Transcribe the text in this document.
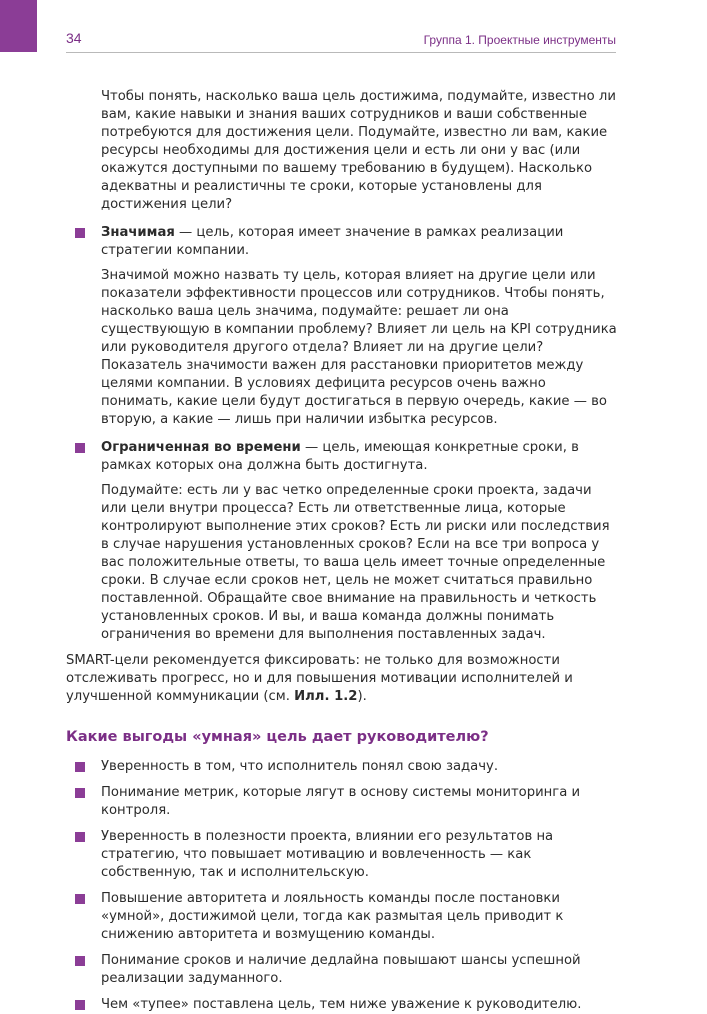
34	Группа 1. Проектные инструменты

Чтобы понять, насколько ваша цель достижима, подумайте, известно ли вам, какие навыки и знания ваших сотрудников и ваши собственные потребуются для достижения цели. Подумайте, известно ли вам, какие ресурсы необходимы для достижения цели и есть ли они у вас (или окажутся доступными по вашему требованию в будущем). Насколько адекватны и реалистичны те сроки, которые установлены для достижения цели?

Значимая — цель, которая имеет значение в рамках реализации стратегии компании.

Значимой можно назвать ту цель, которая влияет на другие цели или показатели эффективности процессов или сотрудников. Чтобы понять, насколько ваша цель значима, подумайте: решает ли она существующую в компании проблему? Влияет ли цель на KPI сотрудника или руководителя другого отдела? Влияет ли на другие цели? Показатель значимости важен для расстановки приоритетов между целями компании. В условиях дефицита ресурсов очень важно понимать, какие цели будут достигаться в первую очередь, какие — во вторую, а какие — лишь при наличии избытка ресурсов.

Ограниченная во времени — цель, имеющая конкретные сроки, в рамках которых она должна быть достигнута.

Подумайте: есть ли у вас четко определенные сроки проекта, задачи или цели внутри процесса? Есть ли ответственные лица, которые контролируют выполнение этих сроков? Есть ли риски или последствия в случае нарушения установленных сроков? Если на все три вопроса у вас положительные ответы, то ваша цель имеет точные определенные сроки. В случае если сроков нет, цель не может считаться правильно поставленной. Обращайте свое внимание на правильность и четкость установленных сроков. И вы, и ваша команда должны понимать ограничения во времени для выполнения поставленных задач.

SMART-цели рекомендуется фиксировать: не только для возможности отслеживать прогресс, но и для повышения мотивации исполнителей и улучшенной коммуникации (см. Илл. 1.2).

Какие выгоды «умная» цель дает руководителю?

Уверенность в том, что исполнитель понял свою задачу.

Понимание метрик, которые лягут в основу системы мониторинга и контроля.

Уверенность в полезности проекта, влиянии его результатов на стратегию, что повышает мотивацию и вовлеченность — как собственную, так и исполнительскую.

Повышение авторитета и лояльность команды после постановки «умной», достижимой цели, тогда как размытая цель приводит к снижению авторитета и возмущению команды.

Понимание сроков и наличие дедлайна повышают шансы успешной реализации задуманного.

Чем «тупее» поставлена цель, тем ниже уважение к руководителю.
